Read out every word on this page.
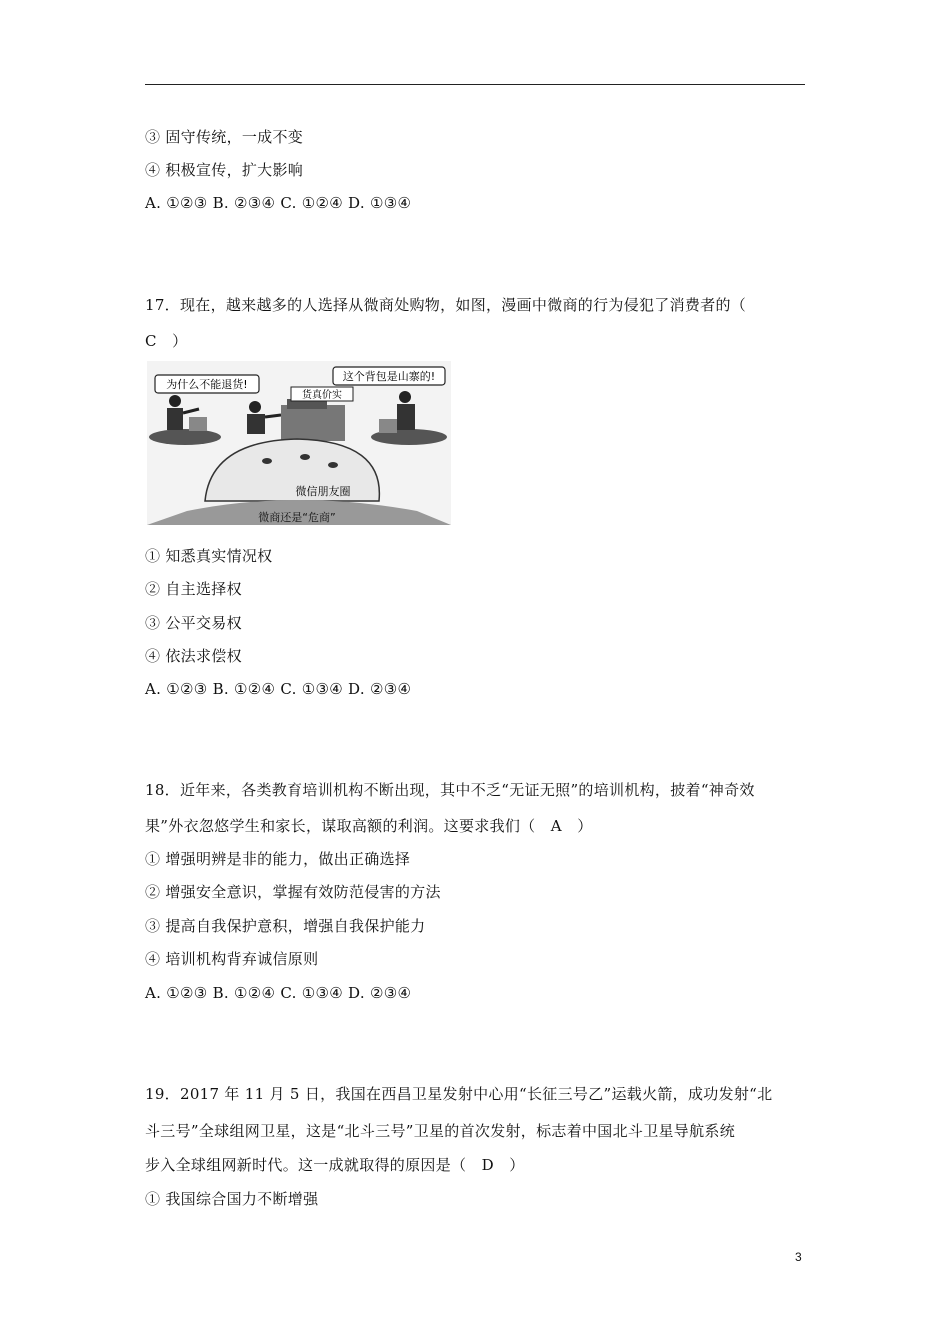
③ 固守传统，一成不变
④ 积极宣传，扩大影响
A. ①②③ B. ②③④ C. ①②④ D. ①③④
17．现在，越来越多的人选择从微商处购物，如图，漫画中微商的行为侵犯了消费者的（
C　）
为什么不能退货!
货真价实
这个背包是山寨的!
微信朋友圈
微商还是“危商”
① 知悉真实情况权
② 自主选择权
③ 公平交易权
④ 依法求偿权
A. ①②③ B. ①②④ C. ①③④ D. ②③④
18．近年来，各类教育培训机构不断出现，其中不乏“无证无照”的培训机构，披着“神奇效
果”外衣忽悠学生和家长，谋取高额的利润。这要求我们（　A　）
① 增强明辨是非的能力，做出正确选择
② 增强安全意识，掌握有效防范侵害的方法
③ 提高自我保护意积，增强自我保护能力
④ 培训机构背弃诚信原则
A. ①②③ B. ①②④ C. ①③④ D. ②③④
19．2017 年 11 月 5 日，我国在西昌卫星发射中心用“长征三号乙”运载火箭，成功发射“北
斗三号”全球组网卫星，这是“北斗三号”卫星的首次发射，标志着中国北斗卫星导航系统
步入全球组网新时代。这一成就取得的原因是（　D　）
① 我国综合国力不断增强
3
